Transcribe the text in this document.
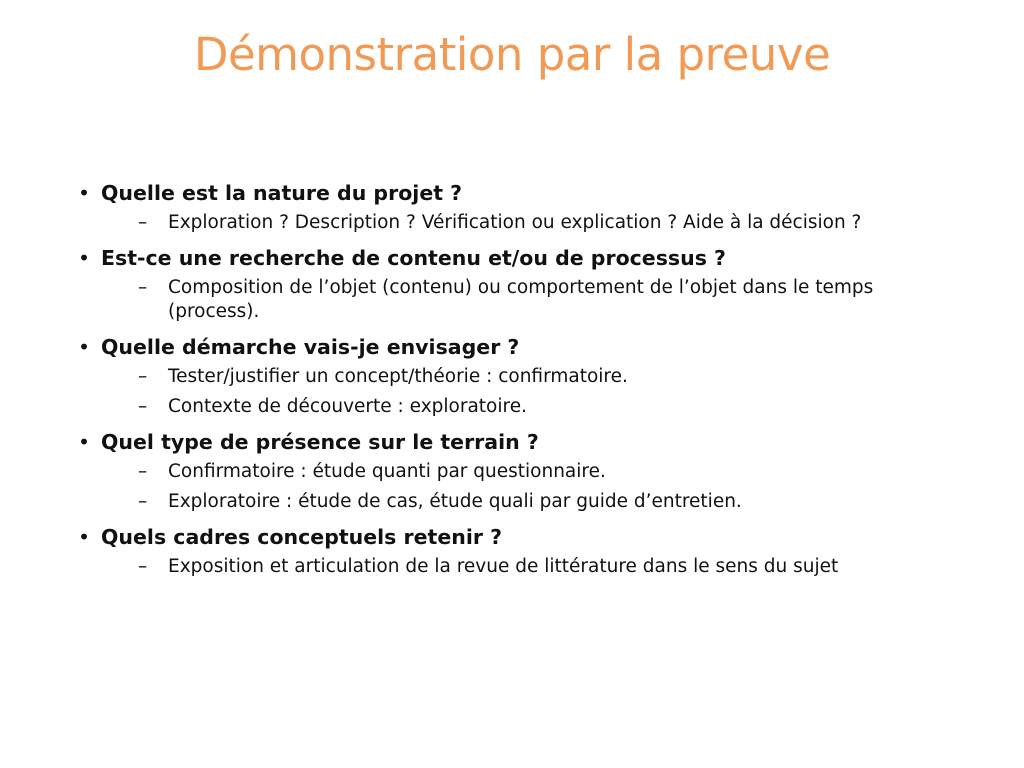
Démonstration par la preuve
• Quelle est la nature du projet ?
– Exploration ? Description ? Vérification ou explication ? Aide à la décision ?
• Est-ce une recherche de contenu et/ou de processus ?
– Composition de l’objet (contenu) ou comportement de l’objet dans le temps (process).
• Quelle démarche vais-je envisager ?
– Tester/justifier un concept/théorie : confirmatoire.
– Contexte de découverte : exploratoire.
• Quel type de présence sur le terrain ?
– Confirmatoire : étude quanti par questionnaire.
– Exploratoire : étude de cas, étude quali par guide d’entretien.
• Quels cadres conceptuels retenir ?
– Exposition et articulation de la revue de littérature dans le sens du sujet
